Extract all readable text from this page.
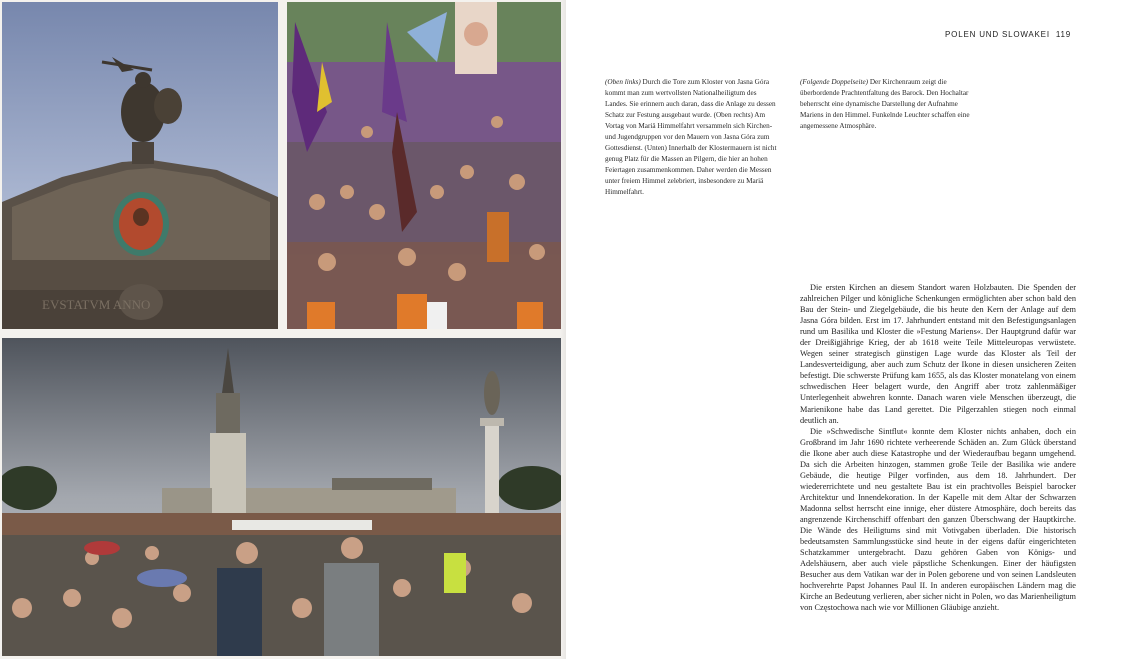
EVSTATVM ANNO
POLEN UND SLOWAKEI 119
(Oben links) Durch die Tore zum Kloster von Jasna Góra kommt man zum wertvollsten Nationalheiligtum des Landes. Sie erinnern auch daran, dass die Anlage zu dessen Schatz zur Festung ausgebaut wurde. (Oben rechts) Am Vortag von Mariä Himmelfahrt versammeln sich Kirchen- und Jugendgruppen vor den Mauern von Jasna Góra zum Gottesdienst. (Unten) Innerhalb der Klostermauern ist nicht genug Platz für die Massen an Pilgern, die hier an hohen Feiertagen zusammenkommen. Daher werden die Messen unter freiem Himmel zelebriert, insbesondere zu Mariä Himmelfahrt.
(Folgende Doppelseite) Der Kirchenraum zeigt die überbordende Prachtentfaltung des Barock. Den Hochaltar beherrscht eine dynamische Darstellung der Aufnahme Mariens in den Himmel. Funkelnde Leuchter schaffen eine angemessene Atmosphäre.

Die ersten Kirchen an diesem Standort waren Holzbauten. Die Spenden der zahlreichen Pilger und königliche Schenkungen ermöglichten aber schon bald den Bau der Stein- und Ziegelgebäude, die bis heute den Kern der Anlage auf dem Jasna Góra bilden. Erst im 17. Jahrhundert entstand mit den Befestigungsanlagen rund um Basilika und Kloster die »Festung Mariens«. Der Hauptgrund dafür war der Dreißigjährige Krieg, der ab 1618 weite Teile Mitteleuropas verwüstete. Wegen seiner strategisch günstigen Lage wurde das Kloster als Teil der Landesverteidigung, aber auch zum Schutz der Ikone in diesen unsicheren Zeiten befestigt. Die schwerste Prüfung kam 1655, als das Kloster monatelang von einem schwedischen Heer belagert wurde, den Angriff aber trotz zahlenmäßiger Unterlegenheit abwehren konnte. Danach waren viele Menschen überzeugt, die Marienikone habe das Land gerettet. Die Pilgerzahlen stiegen noch einmal deutlich an.

Die »Schwedische Sintflut« konnte dem Kloster nichts anhaben, doch ein Großbrand im Jahr 1690 richtete verheerende Schäden an. Zum Glück überstand die Ikone aber auch diese Katastrophe und der Wiederaufbau begann umgehend. Da sich die Arbeiten hinzogen, stammen große Teile der Basilika wie andere Gebäude, die heutige Pilger vorfinden, aus dem 18. Jahrhundert. Der wiedererrichtete und neu gestaltete Bau ist ein prachtvolles Beispiel barocker Architektur und Innendekoration. In der Kapelle mit dem Altar der Schwarzen Madonna selbst herrscht eine innige, eher düstere Atmosphäre, doch bereits das angrenzende Kirchenschiff offenbart den ganzen Überschwang der Hauptkirche. Die Wände des Heiligtums sind mit Votivgaben überladen. Die historisch bedeutsamsten Sammlungsstücke sind heute in der eigens dafür eingerichteten Schatzkammer untergebracht. Dazu gehören Gaben von Königs- und Adelshäusern, aber auch viele päpstliche Schenkungen. Einer der häufigsten Besucher aus dem Vatikan war der in Polen geborene und von seinen Landsleuten hochverehrte Papst Johannes Paul II. In anderen europäischen Ländern mag die Kirche an Bedeutung verlieren, aber sicher nicht in Polen, wo das Marienheiligtum von Częstochowa nach wie vor Millionen Gläubige anzieht.
